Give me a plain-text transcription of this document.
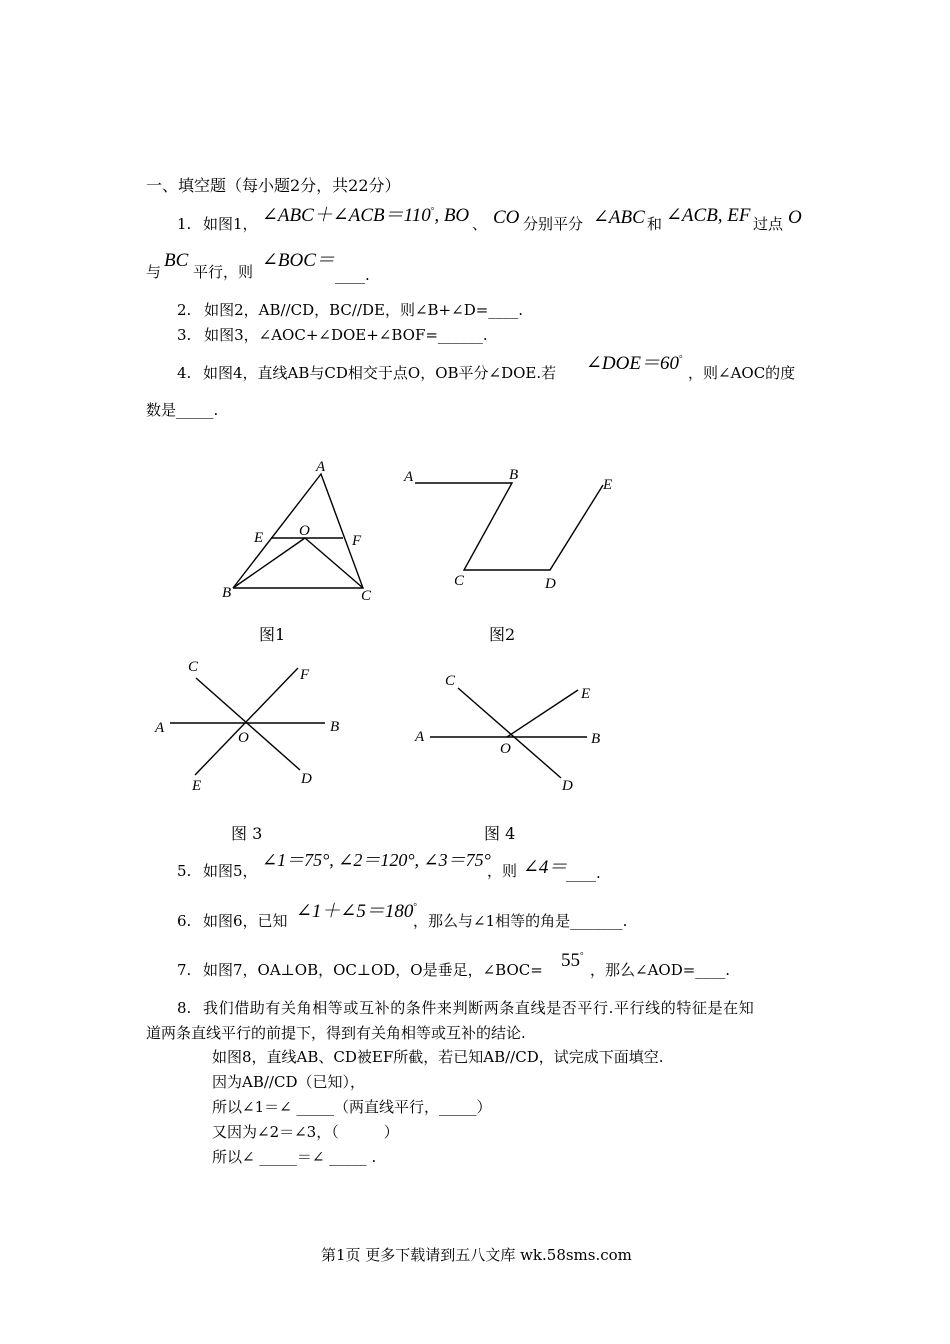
一、填空题（每小题2分，共22分）
1. 如图1， ∠ABC＋∠ACB＝110°, BO 、 CO 分别平分 ∠ABC 和 ∠ACB, EF 过点 O
与
BC
平行，则
∠BOC＝
____.
2. 如图2，AB//CD，BC//DE，则∠B+∠D=____.
3. 如图3，∠AOC+∠DOE+∠BOF=______.
4. 如图4，直线AB与CD相交于点O，OB平分∠DOE.若 ∠DOE＝60°
，则∠AOC的度
数是_____.
A
B	C
E	F
O
A	B
C	D
E
A	B
C
D
E
F
O	A	B
C
D
E
O
图1	图2
图 3	图 4
5. 如图5，
∠1＝75°, ∠2＝120°, ∠3＝75°
，则 ∠4＝
____.
6. 如图6，已知 ∠1＋∠5＝180°
，那么与∠1相等的角是_______.
7. 如图7，OA⊥OB，OC⊥OD，O是垂足，∠BOC= 55°
，那么∠AOD=____.
8. 我们借助有关角相等或互补的条件来判断两条直线是否平行.平行线的特征是在知
道两条直线平行的前提下，得到有关角相等或互补的结论.
如图8，直线AB、CD被EF所截，若已知AB//CD，试完成下面填空.
因为AB//CD（已知），
所以∠1＝∠ _____（两直线平行，_____）
又因为∠2＝∠3，（　　　）
所以∠ _____＝∠ _____ .
第1页 更多下载请到五八文库 wk.58sms.com
